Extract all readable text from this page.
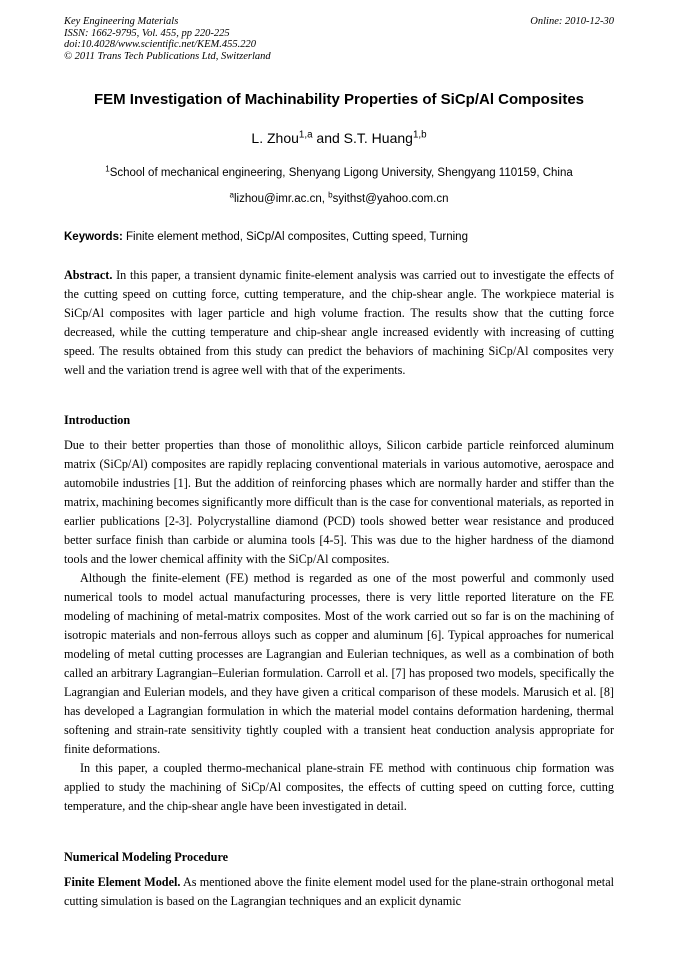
Key Engineering Materials
ISSN: 1662-9795, Vol. 455, pp 220-225
doi:10.4028/www.scientific.net/KEM.455.220
© 2011 Trans Tech Publications Ltd, Switzerland
Online: 2010-12-30
FEM Investigation of Machinability Properties of SiCp/Al Composites
L. Zhou$^{1,a}$ and S.T. Huang$^{1,b}$
$^1$School of mechanical engineering, Shenyang Ligong University, Shengyang 110159, China
$^a$lizhou@imr.ac.cn, $^b$syithst@yahoo.com.cn
Keywords: Finite element method, SiCp/Al composites, Cutting speed, Turning

Abstract. In this paper, a transient dynamic finite-element analysis was carried out to investigate the effects of the cutting speed on cutting force, cutting temperature, and the chip-shear angle. The workpiece material is SiCp/Al composites with lager particle and high volume fraction. The results show that the cutting force decreased, while the cutting temperature and chip-shear angle increased evidently with increasing of cutting speed. The results obtained from this study can predict the behaviors of machining SiCp/Al composites very well and the variation trend is agree well with that of the experiments.

Introduction

Due to their better properties than those of monolithic alloys, Silicon carbide particle reinforced aluminum matrix (SiCp/Al) composites are rapidly replacing conventional materials in various automotive, aerospace and automobile industries [1]. But the addition of reinforcing phases which are normally harder and stiffer than the matrix, machining becomes significantly more difficult than is the case for conventional materials, as reported in earlier publications [2-3]. Polycrystalline diamond (PCD) tools showed better wear resistance and produced better surface finish than carbide or alumina tools [4-5]. This was due to the higher hardness of the diamond tools and the lower chemical affinity with the SiCp/Al composites.

Although the finite-element (FE) method is regarded as one of the most powerful and commonly used numerical tools to model actual manufacturing processes, there is very little reported literature on the FE modeling of machining of metal-matrix composites. Most of the work carried out so far is on the machining of isotropic materials and non-ferrous alloys such as copper and aluminum [6]. Typical approaches for numerical modeling of metal cutting processes are Lagrangian and Eulerian techniques, as well as a combination of both called an arbitrary Lagrangian–Eulerian formulation. Carroll et al. [7] has proposed two models, specifically the Lagrangian and Eulerian models, and they have given a critical comparison of these models. Marusich et al. [8] has developed a Lagrangian formulation in which the material model contains deformation hardening, thermal softening and strain-rate sensitivity tightly coupled with a transient heat conduction analysis appropriate for finite deformations.

In this paper, a coupled thermo-mechanical plane-strain FE method with continuous chip formation was applied to study the machining of SiCp/Al composites, the effects of cutting speed on cutting force, cutting temperature, and the chip-shear angle have been investigated in detail.

Numerical Modeling Procedure

Finite Element Model. As mentioned above the finite element model used for the plane-strain orthogonal metal cutting simulation is based on the Lagrangian techniques and an explicit dynamic
